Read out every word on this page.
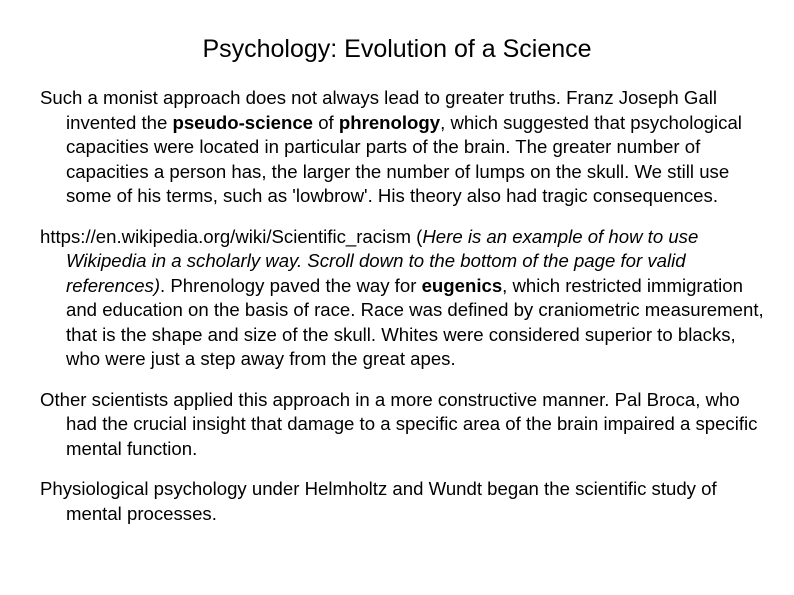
Psychology: Evolution of a Science

Such a monist approach does not always lead to greater truths. Franz Joseph Gall invented the pseudo-science of phrenology, which suggested that psychological capacities were located in particular parts of the brain. The greater number of capacities a person has, the larger the number of lumps on the skull. We still use some of his terms, such as 'lowbrow'. His theory also had tragic consequences.

https://en.wikipedia.org/wiki/Scientific_racism (Here is an example of how to use Wikipedia in a scholarly way. Scroll down to the bottom of the page for valid references). Phrenology paved the way for eugenics, which restricted immigration and education on the basis of race. Race was defined by craniometric measurement, that is the shape and size of the skull. Whites were considered superior to blacks, who were just a step away from the great apes.

Other scientists applied this approach in a more constructive manner. Pal Broca, who had the crucial insight that damage to a specific area of the brain impaired a specific mental function.

Physiological psychology under Helmholtz and Wundt began the scientific study of mental processes.
